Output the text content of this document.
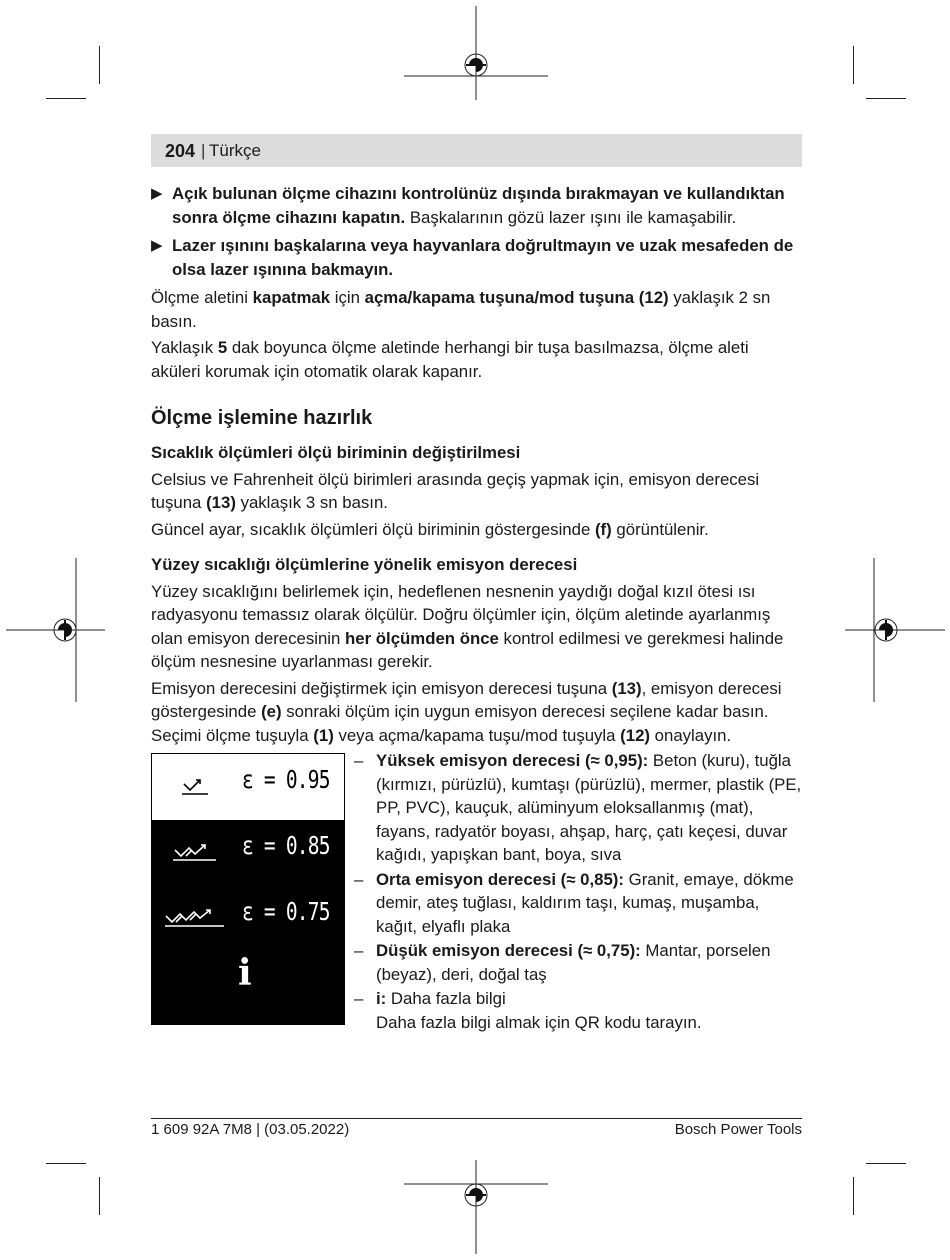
204 | Türkçe

▶ Açık bulunan ölçme cihazını kontrolünüz dışında bırakmayan ve kullandıktan sonra ölçme cihazını kapatın. Başkalarının gözü lazer ışını ile kamaşabilir.

▶ Lazer ışınını başkalarına veya hayvanlara doğrultmayın ve uzak mesafeden de olsa lazer ışınına bakmayın.

Ölçme aletini kapatmak için açma/kapama tuşuna/mod tuşuna (12) yaklaşık 2 sn basın.

Yaklaşık 5 dak boyunca ölçme aletinde herhangi bir tuşa basılmazsa, ölçme aleti aküleri korumak için otomatik olarak kapanır.

Ölçme işlemine hazırlık
Sıcaklık ölçümleri ölçü biriminin değiştirilmesi

Celsius ve Fahrenheit ölçü birimleri arasında geçiş yapmak için, emisyon derecesi tuşuna (13) yaklaşık 3 sn basın.

Güncel ayar, sıcaklık ölçümleri ölçü biriminin göstergesinde (f) görüntülenir.

Yüzey sıcaklığı ölçümlerine yönelik emisyon derecesi

Yüzey sıcaklığını belirlemek için, hedeflenen nesnenin yaydığı doğal kızıl ötesi ısı radyasyonu temassız olarak ölçülür. Doğru ölçümler için, ölçüm aletinde ayarlanmış olan emisyon derecesinin her ölçümden önce kontrol edilmesi ve gerekmesi halinde ölçüm nesnesine uyarlanması gerekir.

Emisyon derecesini değiştirmek için emisyon derecesi tuşuna (13), emisyon derecesi göstergesinde (e) sonraki ölçüm için uygun emisyon derecesi seçilene kadar basın. Seçimi ölçme tuşuyla (1) veya açma/kapama tuşu/mod tuşuyla (12) onaylayın.

ε = 0.95
ε = 0.85
ε = 0.75
i
– Yüksek emisyon derecesi (≈ 0,95): Beton (kuru), tuğla (kırmızı, pürüzlü), kumtaşı (pürüzlü), mermer, plastik (PE, PP, PVC), kauçuk, alüminyum eloksallanmış (mat), fayans, radyatör boyası, ahşap, harç, çatı keçesi, duvar kağıdı, yapışkan bant, boya, sıva
– Orta emisyon derecesi (≈ 0,85): Granit, emaye, dökme demir, ateş tuğlası, kaldırım taşı, kumaş, muşamba, kağıt, elyaflı plaka
– Düşük emisyon derecesi (≈ 0,75): Mantar, porselen (beyaz), deri, doğal taş
– i: Daha fazla bilgi
Daha fazla bilgi almak için QR kodu tarayın.
1 609 92A 7M8 | (03.05.2022)	Bosch Power Tools
